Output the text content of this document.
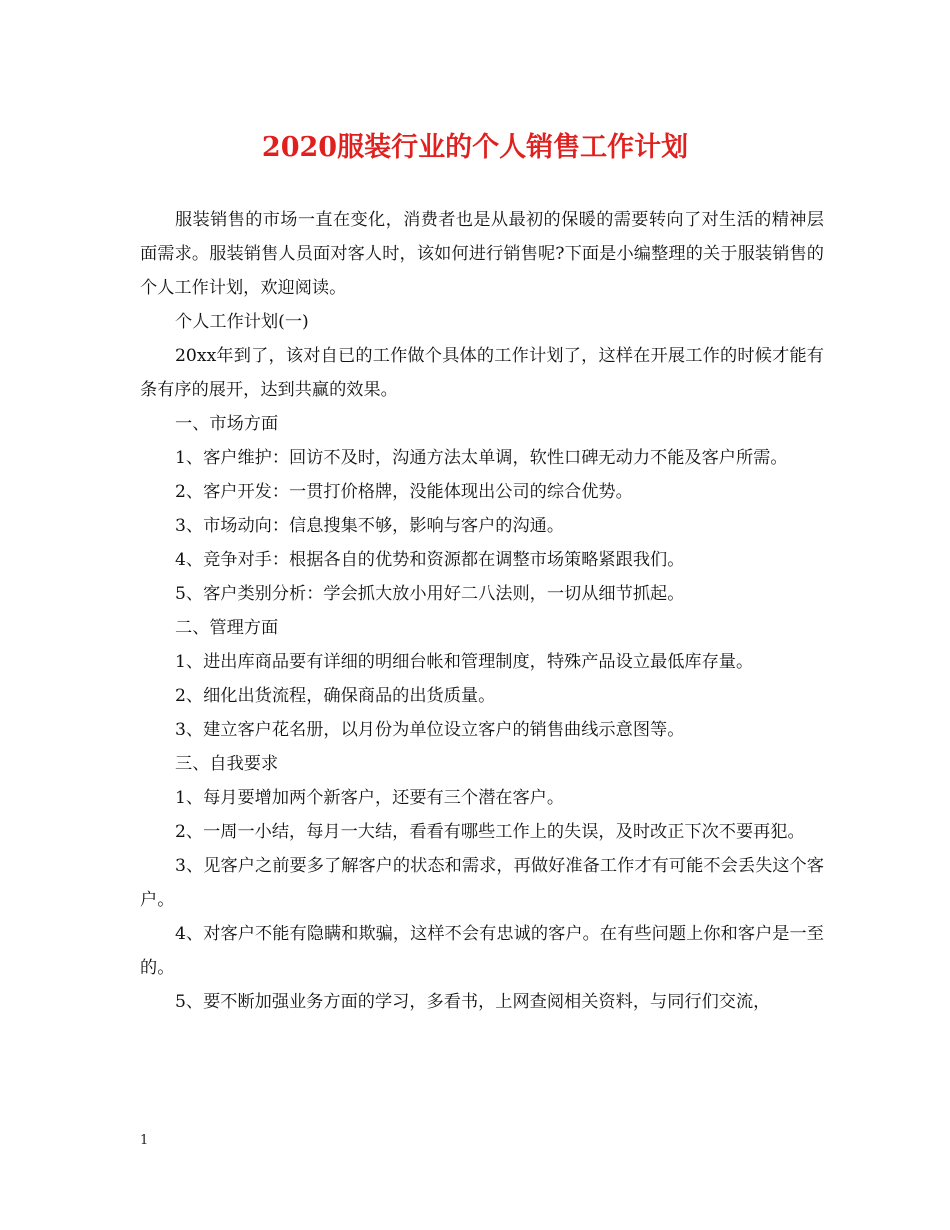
2020服装行业的个人销售工作计划

服装销售的市场一直在变化，消费者也是从最初的保暖的需要转向了对生活的精神层面需求。服装销售人员面对客人时，该如何进行销售呢?下面是小编整理的关于服装销售的个人工作计划，欢迎阅读。

个人工作计划(一)

20xx年到了，该对自已的工作做个具体的工作计划了，这样在开展工作的时候才能有条有序的展开，达到共赢的效果。

一、市场方面

1、客户维护：回访不及时，沟通方法太单调，软性口碑无动力不能及客户所需。

2、客户开发：一贯打价格牌，没能体现出公司的综合优势。

3、市场动向：信息搜集不够，影响与客户的沟通。

4、竞争对手：根据各自的优势和资源都在调整市场策略紧跟我们。

5、客户类别分析：学会抓大放小用好二八法则，一切从细节抓起。

二、管理方面

1、进出库商品要有详细的明细台帐和管理制度，特殊产品设立最低库存量。

2、细化出货流程，确保商品的出货质量。

3、建立客户花名册，以月份为单位设立客户的销售曲线示意图等。

三、自我要求

1、每月要增加两个新客户，还要有三个潜在客户。

2、一周一小结，每月一大结，看看有哪些工作上的失误，及时改正下次不要再犯。

3、见客户之前要多了解客户的状态和需求，再做好准备工作才有可能不会丢失这个客户。

4、对客户不能有隐瞒和欺骗，这样不会有忠诚的客户。在有些问题上你和客户是一至的。

5、要不断加强业务方面的学习，多看书，上网查阅相关资料，与同行们交流，

1
